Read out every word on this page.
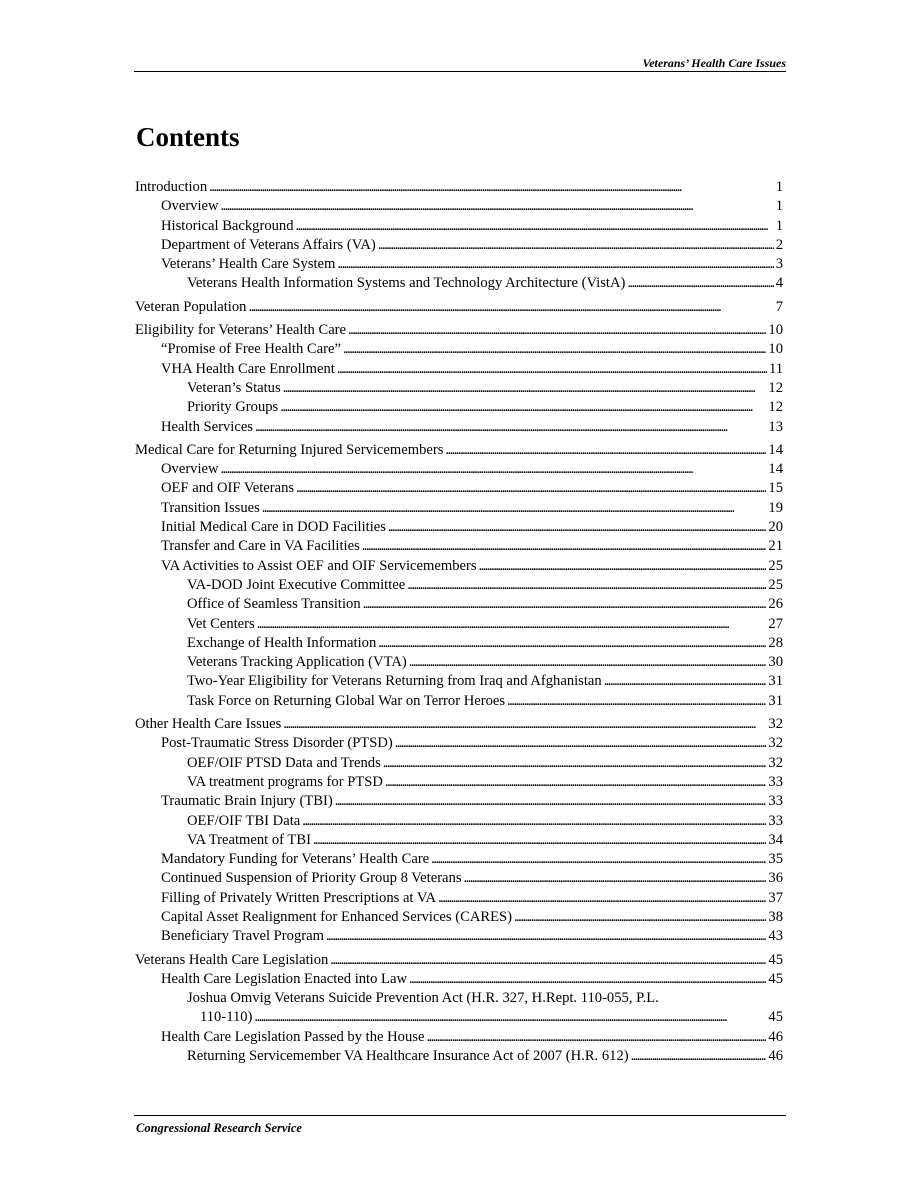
Veterans’ Health Care Issues
Contents
Introduction . . .	1
Overview . . .	1
Historical Background . . .	1
Department of Veterans Affairs (VA) . . .	2
Veterans’ Health Care System . . .	3
Veterans Health Information Systems and Technology Architecture (VistA) . . .	4
Veteran Population . . .	7
Eligibility for Veterans’ Health Care . . .	10
“Promise of Free Health Care” . . .	10
VHA Health Care Enrollment . . .	11
Veteran’s Status . . .	12
Priority Groups . . .	12
Health Services . . .	13
Medical Care for Returning Injured Servicemembers . . .	14
Overview . . .	14
OEF and OIF Veterans . . .	15
Transition Issues . . .	19
Initial Medical Care in DOD Facilities . . .	20
Transfer and Care in VA Facilities . . .	21
VA Activities to Assist OEF and OIF Servicemembers . . .	25
VA-DOD Joint Executive Committee . . .	25
Office of Seamless Transition . . .	26
Vet Centers . . .	27
Exchange of Health Information . . .	28
Veterans Tracking Application (VTA) . . .	30
Two-Year Eligibility for Veterans Returning from Iraq and Afghanistan . . .	31
Task Force on Returning Global War on Terror Heroes . . .	31
Other Health Care Issues . . .	32
Post-Traumatic Stress Disorder (PTSD) . . .	32
OEF/OIF PTSD Data and Trends . . .	32
VA treatment programs for PTSD . . .	33
Traumatic Brain Injury (TBI) . . .	33
OEF/OIF TBI Data . . .	33
VA Treatment of TBI . . .	34
Mandatory Funding for Veterans’ Health Care . . .	35
Continued Suspension of Priority Group 8 Veterans . . .	36
Filling of Privately Written Prescriptions at VA . . .	37
Capital Asset Realignment for Enhanced Services (CARES) . . .	38
Beneficiary Travel Program . . .	43
Veterans Health Care Legislation . . .	45
Health Care Legislation Enacted into Law . . .	45
Joshua Omvig Veterans Suicide Prevention Act (H.R. 327, H.Rept. 110-055, P.L.
110-110) . . .	45
Health Care Legislation Passed by the House . . .	46
Returning Servicemember VA Healthcare Insurance Act of 2007 (H.R. 612) . . .	46
Congressional Research Service
